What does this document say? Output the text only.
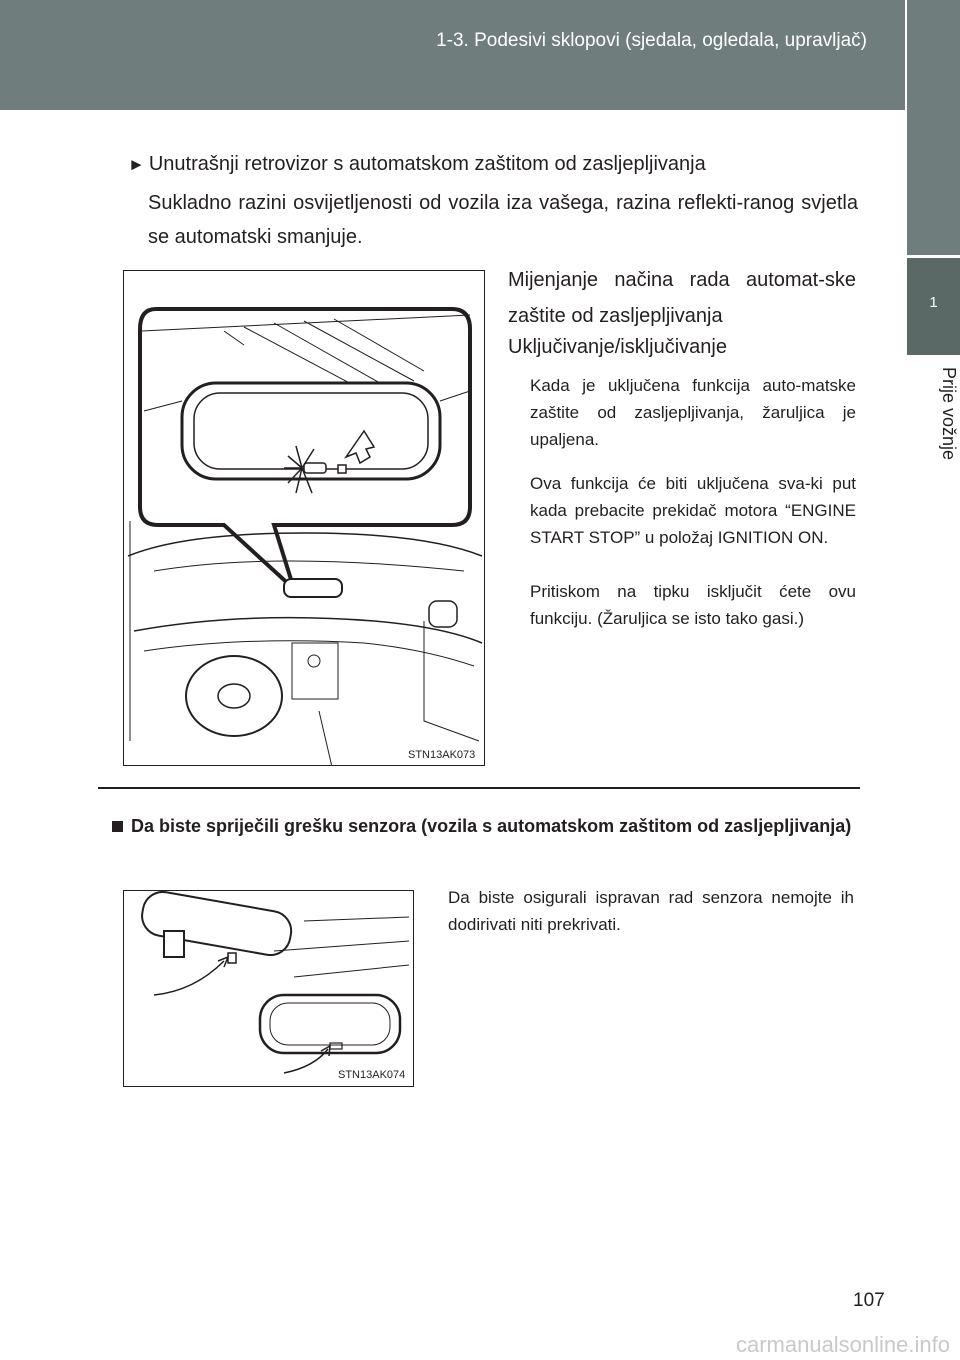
1-3. Podesivi sklopovi (sjedala, ogledala, upravljač)
1
Prije vožnje
► Unutrašnji retrovizor s automatskom zaštitom od zasljepljivanja
Sukladno razini osvijetljenosti od vozila iza vašega, razina reflekti-ranog svjetla se automatski smanjuje.
STN13AK073
Mijenjanje načina rada automat-ske zaštite od zasljepljivanja
Uključivanje/isključivanje
Kada je uključena funkcija auto-matske zaštite od zasljepljivanja, žaruljica je upaljena.
Ova funkcija će biti uključena sva-ki put kada prebacite prekidač motora “ENGINE START STOP” u položaj IGNITION ON.
Pritiskom na tipku isključit ćete ovu funkciju. (Žaruljica se isto tako gasi.)
Da biste spriječili grešku senzora (vozila s automatskom zaštitom od zasljepljivanja)
STN13AK074
Da biste osigurali ispravan rad senzora nemojte ih dodirivati niti prekrivati.
107
carmanualsonline.info
